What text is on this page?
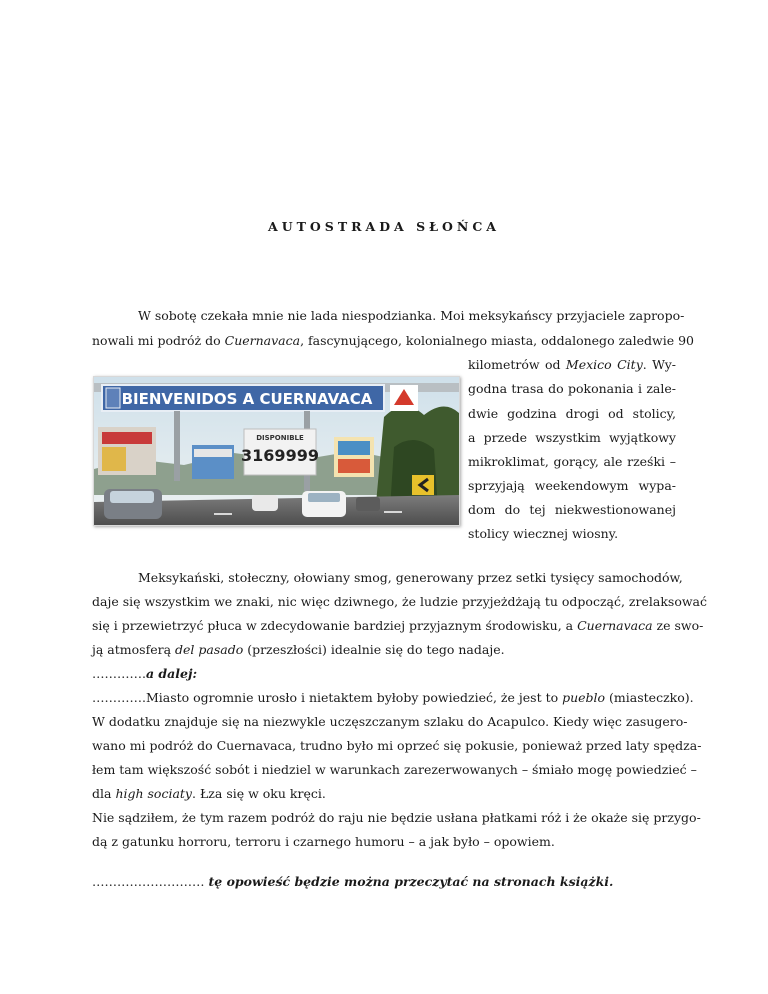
AUTOSTRADA SŁOŃCA
W sobotę czekała mnie nie lada niespodzianka. Moi meksykańscy przyjaciele zapropo-
nowali mi podróż do Cuernavaca, fascynującego, kolonialnego miasta, oddalonego zaledwie 90
kilometrów od Mexico City. Wy-
godna trasa do pokonania i zale-
dwie godzina drogi od stolicy,
a przede wszystkim wyjątkowy
mikroklimat, gorący, ale rześki –
sprzyjają weekendowym wypa-
dom do tej niekwestionowanej
stolicy wiecznej wiosny.
BIENVENIDOS A CUERNAVACA
DISPONIBLE
3169999
Meksykański, stołeczny, ołowiany smog, generowany przez setki tysięcy samochodów,
daje się wszystkim we znaki, nic więc dziwnego, że ludzie przyjeżdżają tu odpocząć, zrelaksować
się i przewietrzyć płuca w zdecydowanie bardziej przyjaznym środowisku, a Cuernavaca ze swo-
ją atmosferą del pasado (przeszłości) idealnie się do tego nadaje.
………….a dalej:
………….Miasto ogromnie urosło i nietaktem byłoby powiedzieć, że jest to pueblo (miasteczko).
W dodatku znajduje się na niezwykle uczęszczanym szlaku do Acapulco. Kiedy więc zasugero-
wano mi podróż do Cuernavaca, trudno było mi oprzeć się pokusie, ponieważ przed laty spędza-
łem tam większość sobót i niedziel w warunkach zarezerwowanych – śmiało mogę powiedzieć –
dla high sociaty. Łza się w oku kręci.
Nie sądziłem, że tym razem podróż do raju nie będzie usłana płatkami róż i że okaże się przygo-
dą z gatunku horroru, terroru i czarnego humoru – a jak było – opowiem.
……………………… tę opowieść będzie można przeczytać na stronach książki.
